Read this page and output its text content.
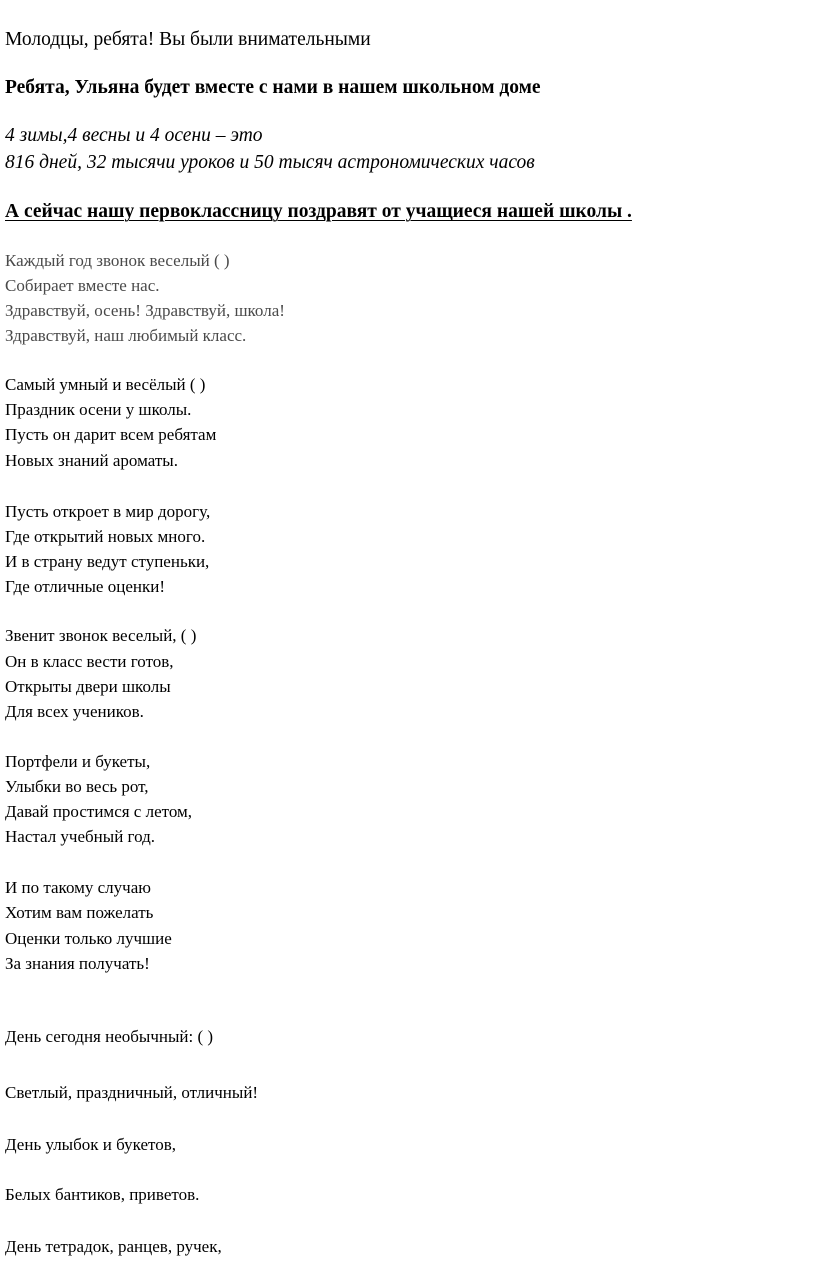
Молодцы, ребята! Вы были внимательными
Ребята, Ульяна будет вместе с нами в нашем школьном доме
4 зимы,4 весны и 4 осени – это
816 дней, 32 тысячи уроков и 50 тысяч астрономических часов
А сейчас нашу первоклассницу поздравят от учащиеся нашей школы .
Каждый год звонок веселый ( )
Собирает вместе нас.
Здравствуй, осень! Здравствуй, школа!
Здравствуй, наш любимый класс.
Самый умный и весёлый ( )
Праздник осени у школы.
Пусть он дарит всем ребятам
Новых знаний ароматы.
Пусть откроет в мир дорогу,
Где открытий новых много.
И в страну ведут ступеньки,
Где отличные оценки!
Звенит звонок веселый, ( )
Он в класс вести готов,
Открыты двери школы
Для всех учеников.
Портфели и букеты,
Улыбки во весь рот,
Давай простимся с летом,
Настал учебный год.
И по такому случаю
Хотим вам пожелать
Оценки только лучшие
За знания получать!
День сегодня необычный: ( )
Светлый, праздничный, отличный!
День улыбок и букетов,
Белых бантиков, приветов.
День тетрадок, ранцев, ручек,
